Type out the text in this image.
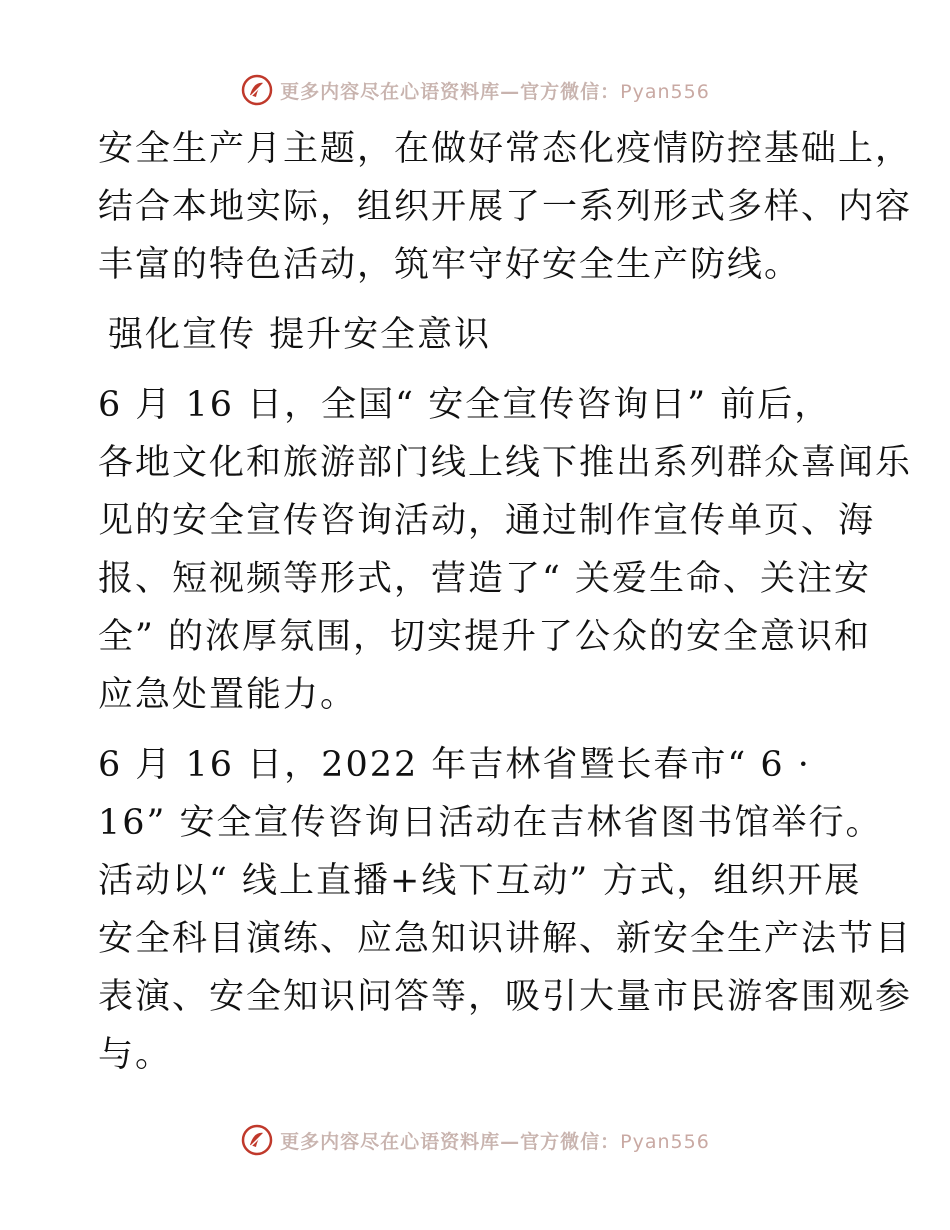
更多内容尽在心语资料库—官方微信：Pyan556

安全生产月主题，在做好常态化疫情防控基础上，
结合本地实际，组织开展了一系列形式多样、内容
丰富的特色活动，筑牢守好安全生产防线。

强化宣传 提升安全意识

6 月 16 日，全国“ 安全宣传咨询日” 前后，
各地文化和旅游部门线上线下推出系列群众喜闻乐
见的安全宣传咨询活动，通过制作宣传单页、海
报、短视频等形式，营造了“ 关爱生命、关注安
全” 的浓厚氛围，切实提升了公众的安全意识和
应急处置能力。

6 月 16 日，2022 年吉林省暨长春市“ 6 ·
16” 安全宣传咨询日活动在吉林省图书馆举行。
活动以“ 线上直播+线下互动” 方式，组织开展
安全科目演练、应急知识讲解、新安全生产法节目
表演、安全知识问答等，吸引大量市民游客围观参
与。

更多内容尽在心语资料库—官方微信：Pyan556
